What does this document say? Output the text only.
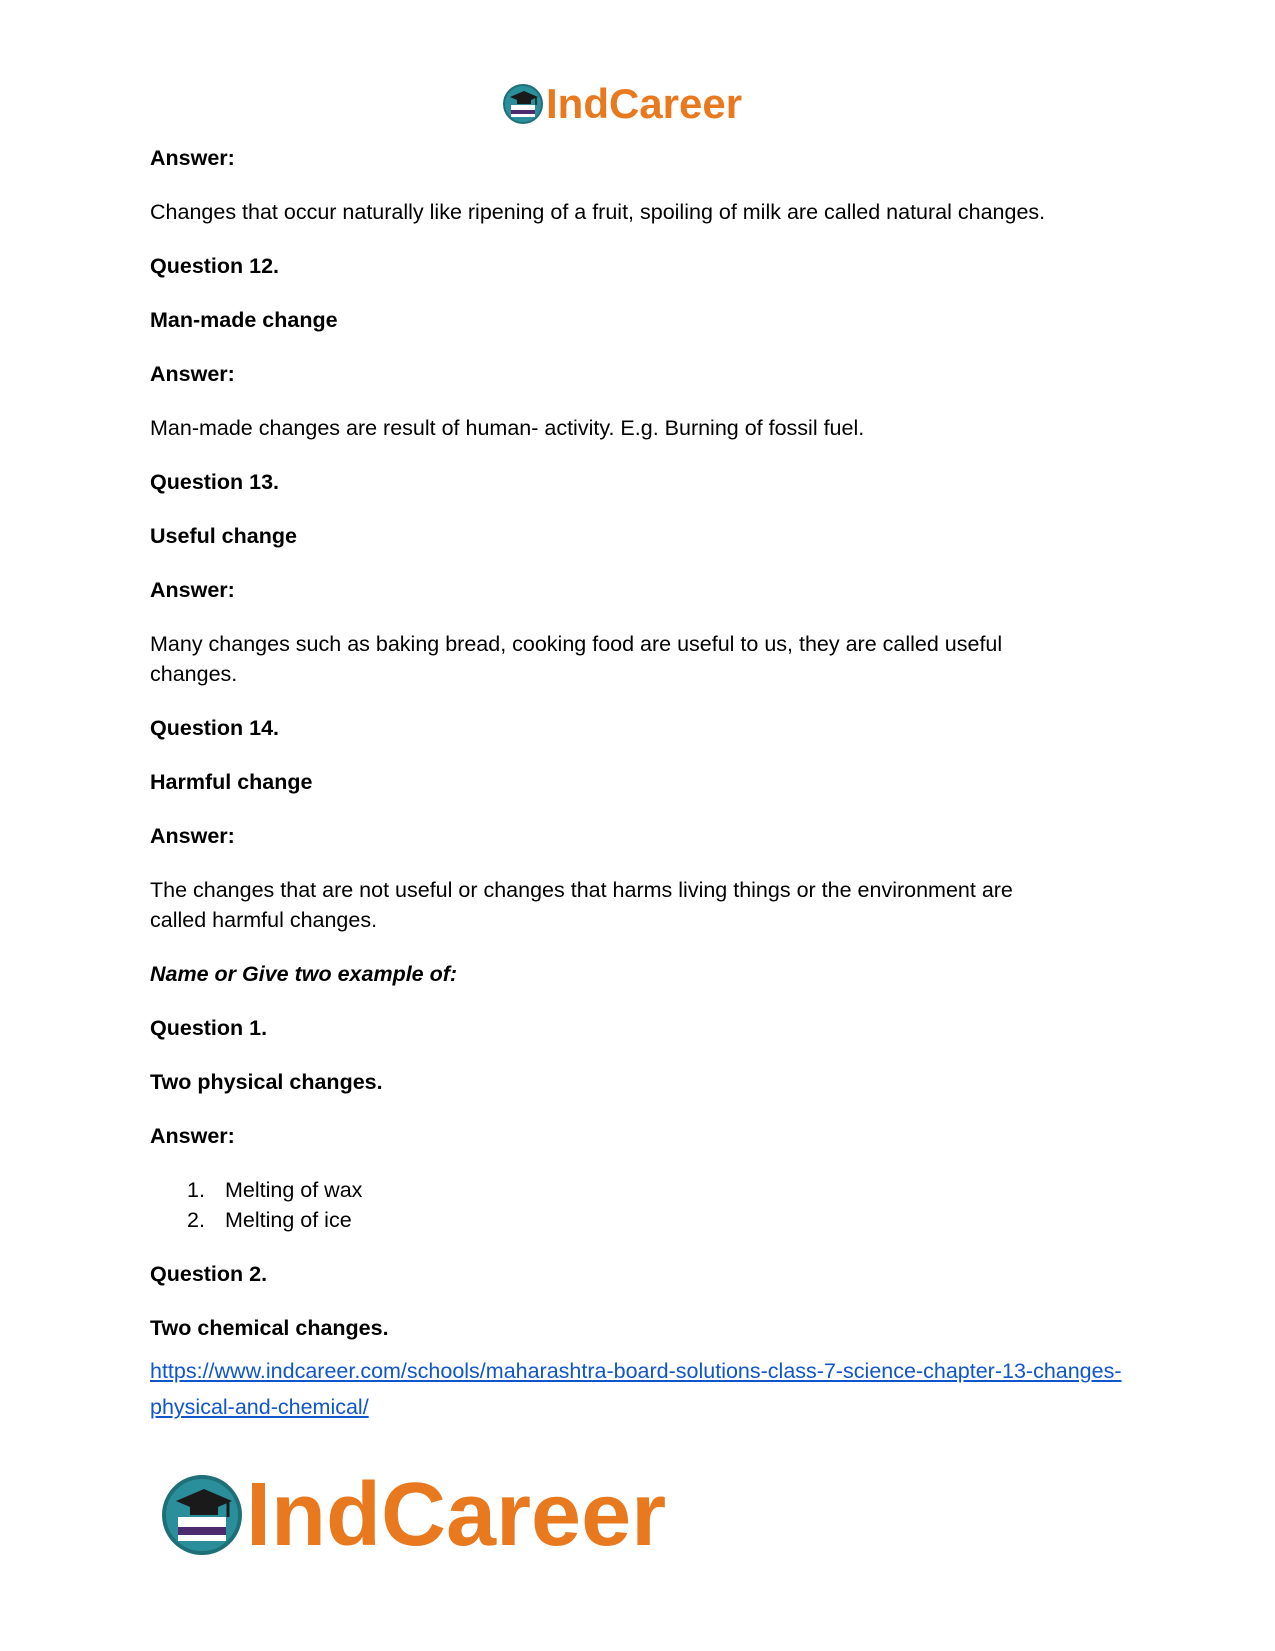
IndCareer
Answer:
Changes that occur naturally like ripening of a fruit, spoiling of milk are called natural changes.
Question 12.
Man-made change
Answer:
Man-made changes are result of human- activity. E.g. Burning of fossil fuel.
Question 13.
Useful change
Answer:
Many changes such as baking bread, cooking food are useful to us, they are called useful changes.
Question 14.
Harmful change
Answer:
The changes that are not useful or changes that harms living things or the environment are called harmful changes.
Name or Give two example of:
Question 1.
Two physical changes.
Answer:
1. Melting of wax
2. Melting of ice
Question 2.
Two chemical changes.
https://www.indcareer.com/schools/maharashtra-board-solutions-class-7-science-chapter-13-changes-physical-and-chemical/
IndCareer
